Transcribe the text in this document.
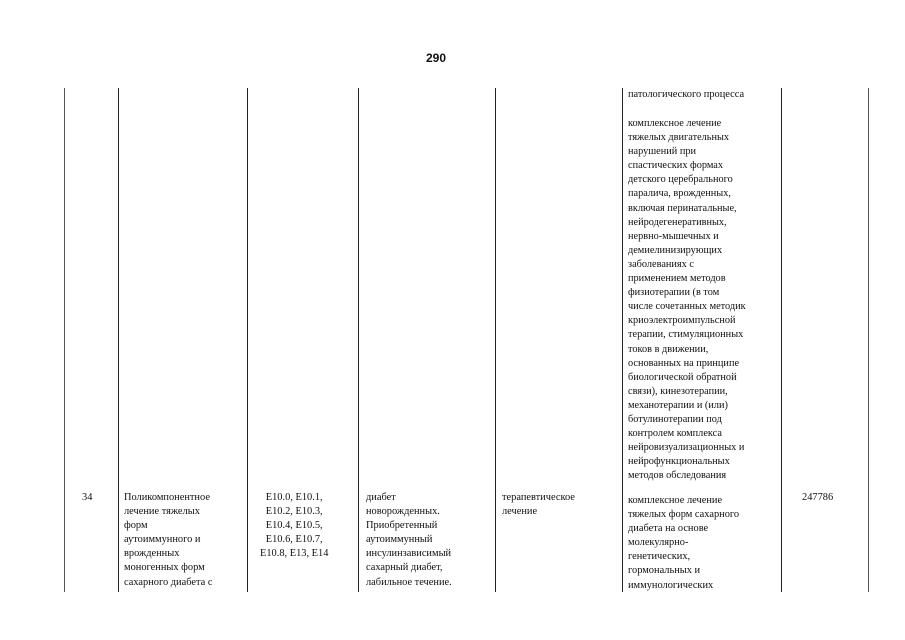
290
патологического процесса
комплексное лечение
тяжелых двигательных
нарушений при
спастических формах
детского церебрального
паралича, врожденных,
включая перинатальные,
нейродегенеративных,
нервно-мышечных и
демиелинизирующих
заболеваниях с
применением методов
физиотерапии (в том
числе сочетанных методик
криоэлектроимпульсной
терапии, стимуляционных
токов в движении,
основанных на принципе
биологической обратной
связи), кинезотерапии,
механотерапии и (или)
ботулинотерапии под
контролем комплекса
нейровизуализационных и
нейрофункциональных
методов обследования
34	Поликомпонентное
лечение тяжелых
форм
аутоиммунного и
врожденных
моногенных форм
сахарного диабета с
E10.0, E10.1,
E10.2, E10.3,
E10.4, E10.5,
E10.6, E10.7,
E10.8, E13, E14
диабет
новорожденных.
Приобретенный
аутоиммунный
инсулинзависимый
сахарный диабет,
лабильное течение.
терапевтическое
лечение
комплексное лечение
тяжелых форм сахарного
диабета на основе
молекулярно-
генетических,
гормональных и
иммунологических
247786
